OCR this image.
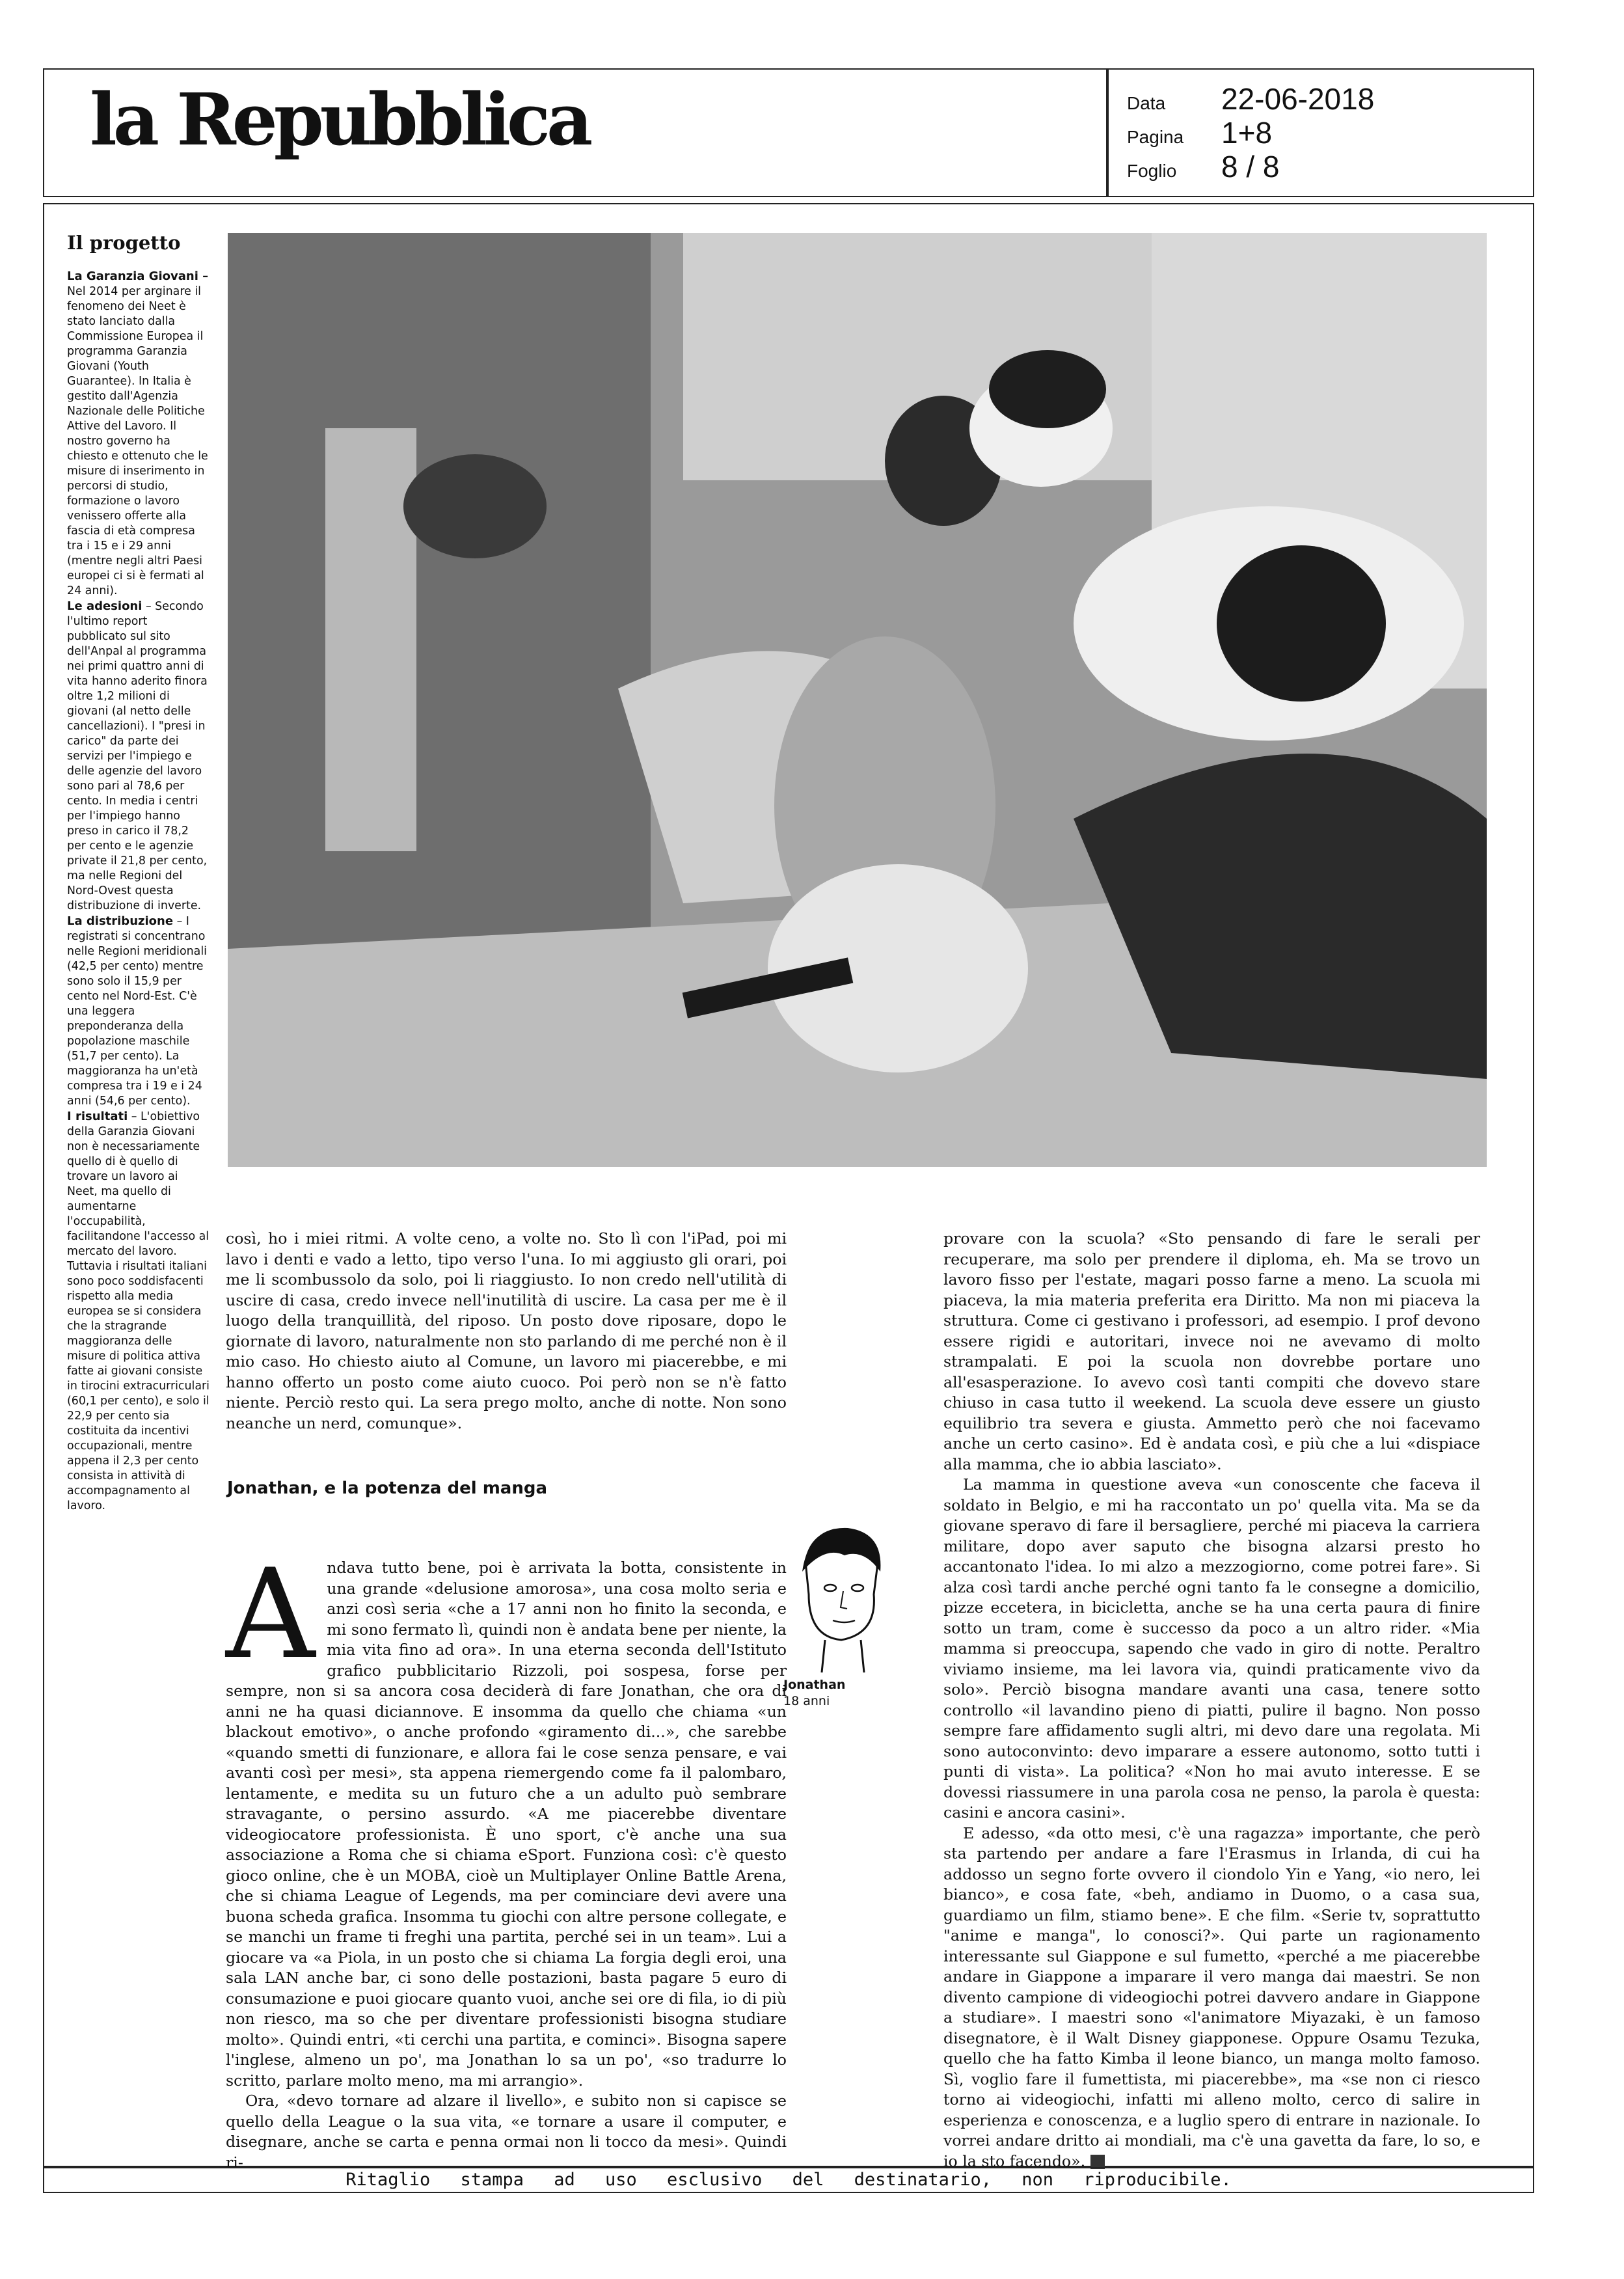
la Repubblica	Data	22-06-2018
Pagina	1+8
Foglio	8 / 8
Il progetto

La Garanzia Giovani – Nel 2014 per arginare il fenomeno dei Neet è stato lanciato dalla Commissione Europea il programma Garanzia Giovani (Youth Guarantee). In Italia è gestito dall'Agenzia Nazionale delle Politiche Attive del Lavoro. Il nostro governo ha chiesto e ottenuto che le misure di inserimento in percorsi di studio, formazione o lavoro venissero offerte alla fascia di età compresa tra i 15 e i 29 anni (mentre negli altri Paesi europei ci si è fermati al 24 anni).

Le adesioni – Secondo l'ultimo report pubblicato sul sito dell'Anpal al programma nei primi quattro anni di vita hanno aderito finora oltre 1,2 milioni di giovani (al netto delle cancellazioni). I "presi in carico" da parte dei servizi per l'impiego e delle agenzie del lavoro sono pari al 78,6 per cento. In media i centri per l'impiego hanno preso in carico il 78,2 per cento e le agenzie private il 21,8 per cento, ma nelle Regioni del Nord-Ovest questa distribuzione di inverte.

La distribuzione – I registrati si concentrano nelle Regioni meridionali (42,5 per cento) mentre sono solo il 15,9 per cento nel Nord-Est. C'è una leggera preponderanza della popolazione maschile (51,7 per cento). La maggioranza ha un'età compresa tra i 19 e i 24 anni (54,6 per cento).

I risultati – L'obiettivo della Garanzia Giovani non è necessariamente quello di è quello di trovare un lavoro ai Neet, ma quello di aumentarne l'occupabilità, facilitandone l'accesso al mercato del lavoro. Tuttavia i risultati italiani sono poco soddisfacenti rispetto alla media europea se si considera che la stragrande maggioranza delle misure di politica attiva fatte ai giovani consiste in tirocini extracurriculari (60,1 per cento), e solo il 22,9 per cento sia costituita da incentivi occupazionali, mentre appena il 2,3 per cento consista in attività di accompagnamento al lavoro.

così, ho i miei ritmi. A volte ceno, a volte no. Sto lì con l'iPad, poi mi lavo i denti e vado a letto, tipo verso l'una. Io mi aggiusto gli orari, poi me li scombussolo da solo, poi li riaggiusto. Io non credo nell'utilità di uscire di casa, credo invece nell'inutilità di uscire. La casa per me è il luogo della tranquillità, del riposo. Un posto dove riposare, dopo le giornate di lavoro, naturalmente non sto parlando di me perché non è il mio caso. Ho chiesto aiuto al Comune, un lavoro mi piacerebbe, e mi hanno offerto un posto come aiuto cuoco. Poi però non se n'è fatto niente. Perciò resto qui. La sera prego molto, anche di notte. Non sono neanche un nerd, comunque».

Jonathan, e la potenza del manga
A ndava tutto bene, poi è arrivata la botta, consistente in una grande «delusione amorosa», una cosa molto seria e anzi così seria «che a 17 anni non ho finito la seconda, e mi sono fermato lì, quindi non è andata bene per niente, la mia vita fino ad ora». In una eterna seconda dell'Istituto grafico pubblicitario Rizzoli, poi sospesa, forse per sempre, non si sa ancora cosa deciderà di fare Jonathan, che ora di anni ne ha quasi diciannove. E insomma da quello che chiama «un blackout emotivo», o anche profondo «giramento di...», che sarebbe «quando smetti di funzionare, e allora fai le cose senza pensare, e vai avanti così per mesi», sta appena riemergendo come fa il palombaro, lentamente, e medita su un futuro che a un adulto può sembrare stravagante, o persino assurdo. «A me piacerebbe diventare videogiocatore professionista. È uno sport, c'è anche una sua associazione a Roma che si chiama eSport. Funziona così: c'è questo gioco online, che è un MOBA, cioè un Multiplayer Online Battle Arena, che si chiama League of Legends, ma per cominciare devi avere una buona scheda grafica. Insomma tu giochi con altre persone collegate, e se manchi un frame ti freghi una partita, perché sei in un team». Lui a giocare va «a Piola, in un posto che si chiama La forgia degli eroi, una sala LAN anche bar, ci sono delle postazioni, basta pagare 5 euro di consumazione e puoi giocare quanto vuoi, anche sei ore di fila, io di più non riesco, ma so che per diventare professionisti bisogna studiare molto». Quindi entri, «ti cerchi una partita, e cominci». Bisogna sapere l'inglese, almeno un po', ma Jonathan lo sa un po', «so tradurre lo scritto, parlare molto meno, ma mi arrangio».

Ora, «devo tornare ad alzare il livello», e subito non si capisce se quello della League o la sua vita, «e tornare a usare il computer, e disegnare, anche se carta e penna ormai non li tocco da mesi». Quindi ri-

Jonathan
18 anni

provare con la scuola? «Sto pensando di fare le serali per recuperare, ma solo per prendere il diploma, eh. Ma se trovo un lavoro fisso per l'estate, magari posso farne a meno. La scuola mi piaceva, la mia materia preferita era Diritto. Ma non mi piaceva la struttura. Come ci gestivano i professori, ad esempio. I prof devono essere rigidi e autoritari, invece noi ne avevamo di molto strampalati. E poi la scuola non dovrebbe portare uno all'esasperazione. Io avevo così tanti compiti che dovevo stare chiuso in casa tutto il weekend. La scuola deve essere un giusto equilibrio tra severa e giusta. Ammetto però che noi facevamo anche un certo casino». Ed è andata così, e più che a lui «dispiace alla mamma, che io abbia lasciato».

La mamma in questione aveva «un conoscente che faceva il soldato in Belgio, e mi ha raccontato un po' quella vita. Ma se da giovane speravo di fare il bersagliere, perché mi piaceva la carriera militare, dopo aver saputo che bisogna alzarsi presto ho accantonato l'idea. Io mi alzo a mezzogiorno, come potrei fare». Si alza così tardi anche perché ogni tanto fa le consegne a domicilio, pizze eccetera, in bicicletta, anche se ha una certa paura di finire sotto un tram, come è successo da poco a un altro rider. «Mia mamma si preoccupa, sapendo che vado in giro di notte. Peraltro viviamo insieme, ma lei lavora via, quindi praticamente vivo da solo». Perciò bisogna mandare avanti una casa, tenere sotto controllo «il lavandino pieno di piatti, pulire il bagno. Non posso sempre fare affidamento sugli altri, mi devo dare una regolata. Mi sono autoconvinto: devo imparare a essere autonomo, sotto tutti i punti di vista». La politica? «Non ho mai avuto interesse. E se dovessi riassumere in una parola cosa ne penso, la parola è questa: casini e ancora casini».

E adesso, «da otto mesi, c'è una ragazza» importante, che però sta partendo per andare a fare l'Erasmus in Irlanda, di cui ha addosso un segno forte ovvero il ciondolo Yin e Yang, «io nero, lei bianco», e cosa fate, «beh, andiamo in Duomo, o a casa sua, guardiamo un film, stiamo bene». E che film. «Serie tv, soprattutto "anime e manga", lo conosci?». Qui parte un ragionamento interessante sul Giappone e sul fumetto, «perché a me piacerebbe andare in Giappone a imparare il vero manga dai maestri. Se non divento campione di videogiochi potrei davvero andare in Giappone a studiare». I maestri sono «l'animatore Miyazaki, è un famoso disegnatore, è il Walt Disney giapponese. Oppure Osamu Tezuka, quello che ha fatto Kimba il leone bianco, un manga molto famoso. Sì, voglio fare il fumettista, mi piacerebbe», ma «se non ci riesco torno ai videogiochi, infatti mi alleno molto, cerco di salire in esperienza e conoscenza, e a luglio spero di entrare in nazionale. Io vorrei andare dritto ai mondiali, ma c'è una gavetta da fare, lo so, e io la sto facendo».

Ritaglio stampa ad uso esclusivo del destinatario, non riproducibile.
